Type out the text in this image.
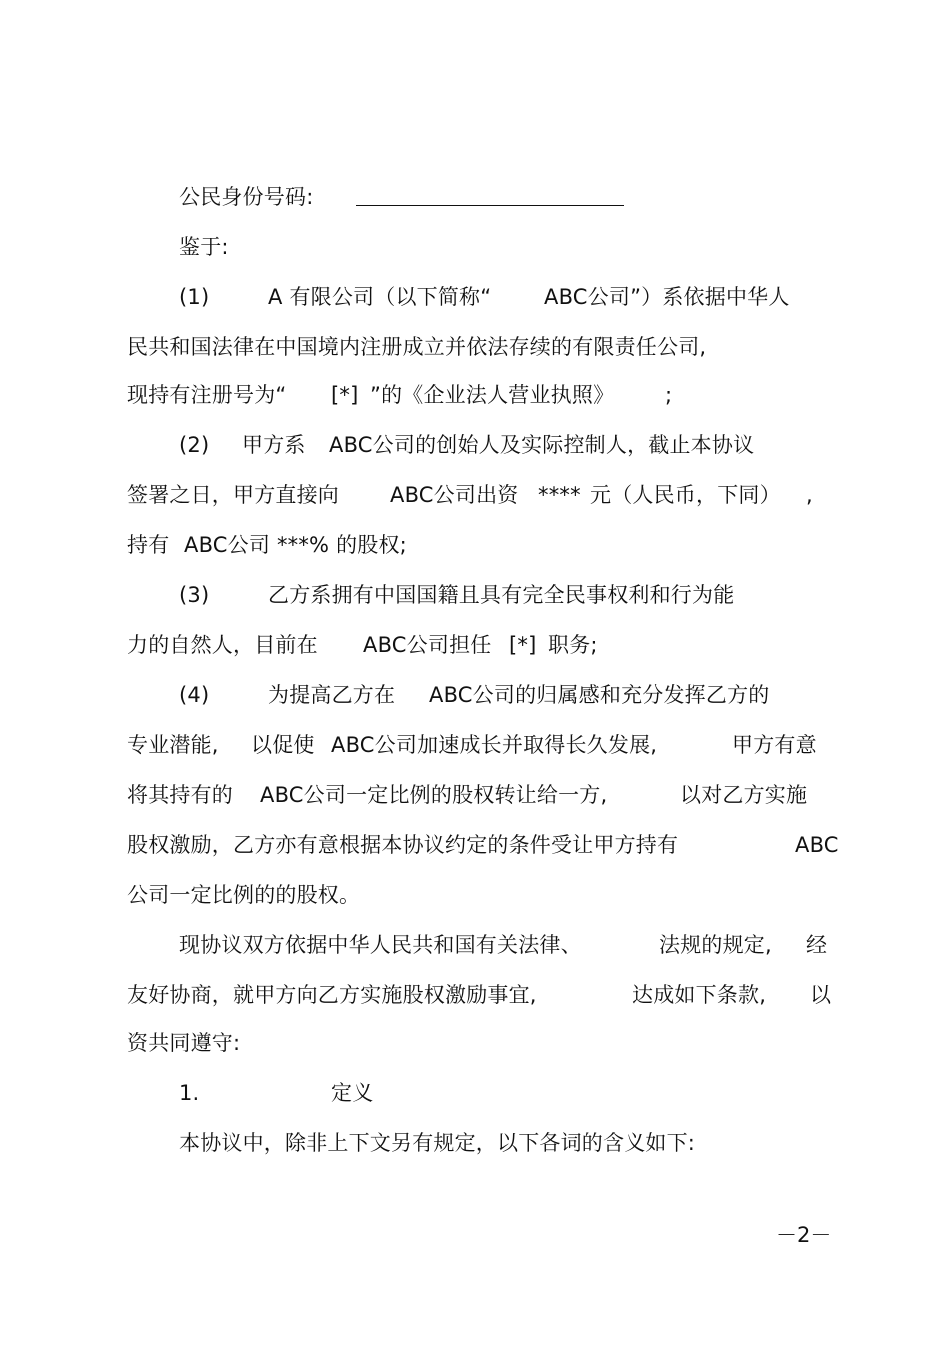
公民身份号码:
鉴于:
(1)	A 有限公司（以下简称“	ABC公司”）系依据中华人
民共和国法律在中国境内注册成立并依法存续的有限责任公司,
现持有注册号为“ [*] ”的《企业法人营业执照》 ;
(2) 甲方系 ABC公司的创始人及实际控制人，截止本协议
签署之日，甲方直接向 ABC公司出资 **** 元（人民币，下同） ,
持有 ABC公司 ***% 的股权;
(3)	乙方系拥有中国国籍且具有完全民事权利和行为能
力的自然人，目前在 ABC公司担任 [*] 职务;
(4)	为提高乙方在 ABC公司的归属感和充分发挥乙方的
专业潜能, 以促使 ABC公司加速成长并取得长久发展,	甲方有意
将其持有的 ABC公司一定比例的股权转让给一方,	以对乙方实施
股权激励，乙方亦有意根据本协议约定的条件受让甲方持有	ABC
公司一定比例的的股权。
现协议双方依据中华人民共和国有关法律、	法规的规定, 经
友好协商，就甲方向乙方实施股权激励事宜,	达成如下条款, 以
资共同遵守:
1.	定义
本协议中，除非上下文另有规定，以下各词的含义如下:
－2－
